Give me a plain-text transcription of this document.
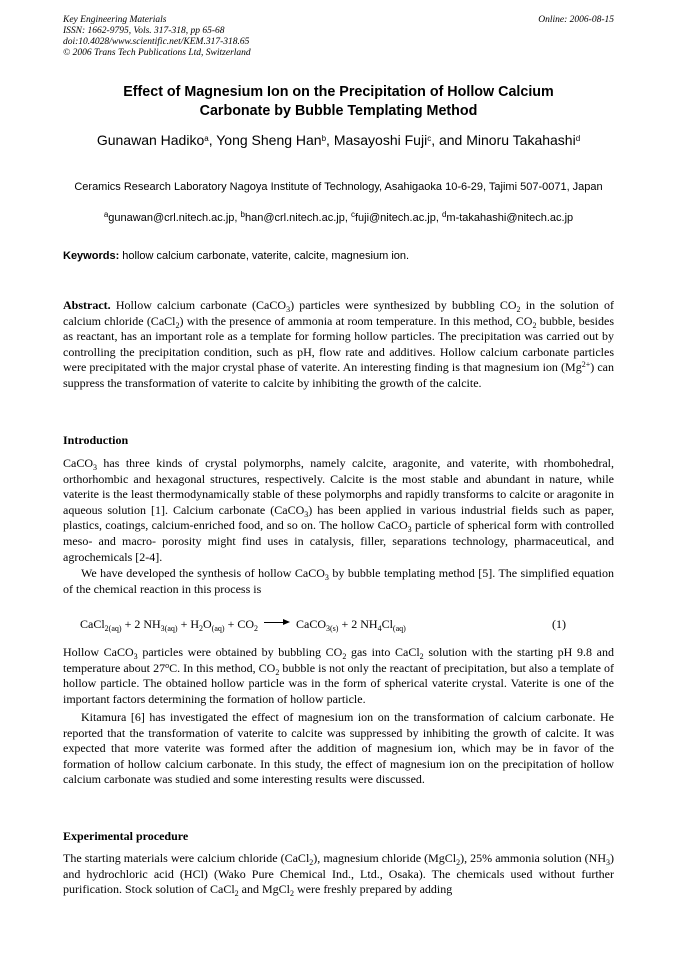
Key Engineering Materials
ISSN: 1662-9795, Vols. 317-318, pp 65-68
doi:10.4028/www.scientific.net/KEM.317-318.65
© 2006 Trans Tech Publications Ltd, Switzerland
Online: 2006-08-15
Effect of Magnesium Ion on the Precipitation of Hollow Calcium
Carbonate by Bubble Templating Method
Gunawan Hadiko$^a$, Yong Sheng Han$^b$, Masayoshi Fuji$^c$, and Minoru Takahashi$^d$
Ceramics Research Laboratory Nagoya Institute of Technology, Asahigaoka 10-6-29, Tajimi 507-0071, Japan
$^a$gunawan@crl.nitech.ac.jp, $^b$han@crl.nitech.ac.jp, $^c$fuji@nitech.ac.jp, $^d$m-takahashi@nitech.ac.jp
Keywords: hollow calcium carbonate, vaterite, calcite, magnesium ion.
Abstract. Hollow calcium carbonate (CaCO$_3$) particles were synthesized by bubbling $CO_2$ in the solution of calcium chloride (CaCl$_2$) with the presence of ammonia at room temperature. In this method, $CO_2$ bubble, besides as reactant, has an important role as a template for forming hollow particles. The precipitation was carried out by controlling the precipitation condition, such as pH, flow rate and additives. Hollow calcium carbonate particles were precipitated with the major crystal phase of vaterite. An interesting finding is that magnesium ion $(Mg^{2+})$ can suppress the transformation of vaterite to calcite by inhibiting the growth of the calcite.
Introduction
CaCO$_3$ has three kinds of crystal polymorphs, namely calcite, aragonite, and vaterite, with rhombohedral, orthorhombic and hexagonal structures, respectively. Calcite is the most stable and abundant in nature, while vaterite is the least thermodynamically stable of these polymorphs and rapidly transforms to calcite or aragonite in aqueous solution [1]. Calcium carbonate (CaCO$_3$) has been applied in various industrial fields such as paper, plastics, coatings, calcium-enriched food, and so on. The hollow CaCO$_3$ particle of spherical form with controlled meso- and macro- porosity might find uses in catalysis, filler, separations technology, pharmaceutical, and agrochemicals [2-4].
We have developed the synthesis of hollow CaCO$_3$ by bubble templating method [5]. The simplified equation of the chemical reaction in this process is
CaCl$_{2(aq)}$ + 2 $NH_{3(aq)} + H_2O_{(aq)} + CO_2$	CaCO$_{3(s)}$ + 2 $NH_4Cl_{(aq)}$	(1)
Hollow CaCO$_3$ particles were obtained by bubbling $CO_2$ gas into CaCl$_2$ solution with the starting pH 9.8 and temperature about 27$^o$C. In this method, $CO_2$ bubble is not only the reactant of precipitation, but also a template of hollow particle. The obtained hollow particle was in the form of spherical vaterite crystal. Vaterite is one of the important factors determining the formation of hollow particle.
Kitamura [6] has investigated the effect of magnesium ion on the transformation of calcium carbonate. He reported that the transformation of vaterite to calcite was suppressed by inhibiting the growth of calcite. It was expected that more vaterite was formed after the addition of magnesium ion, which may be in favor of the formation of hollow calcium carbonate. In this study, the effect of magnesium ion on the precipitation of hollow calcium carbonate was studied and some interesting results were discussed.
Experimental procedure
The starting materials were calcium chloride (CaCl$_2$), magnesium chloride (MgCl$_2$), 25% ammonia solution $(NH_3)$ and hydrochloric acid (HCl) (Wako Pure Chemical Ind., Ltd., Osaka). The chemicals used without further purification. Stock solution of CaCl$_2$ and MgCl$_2$ were freshly prepared by adding
